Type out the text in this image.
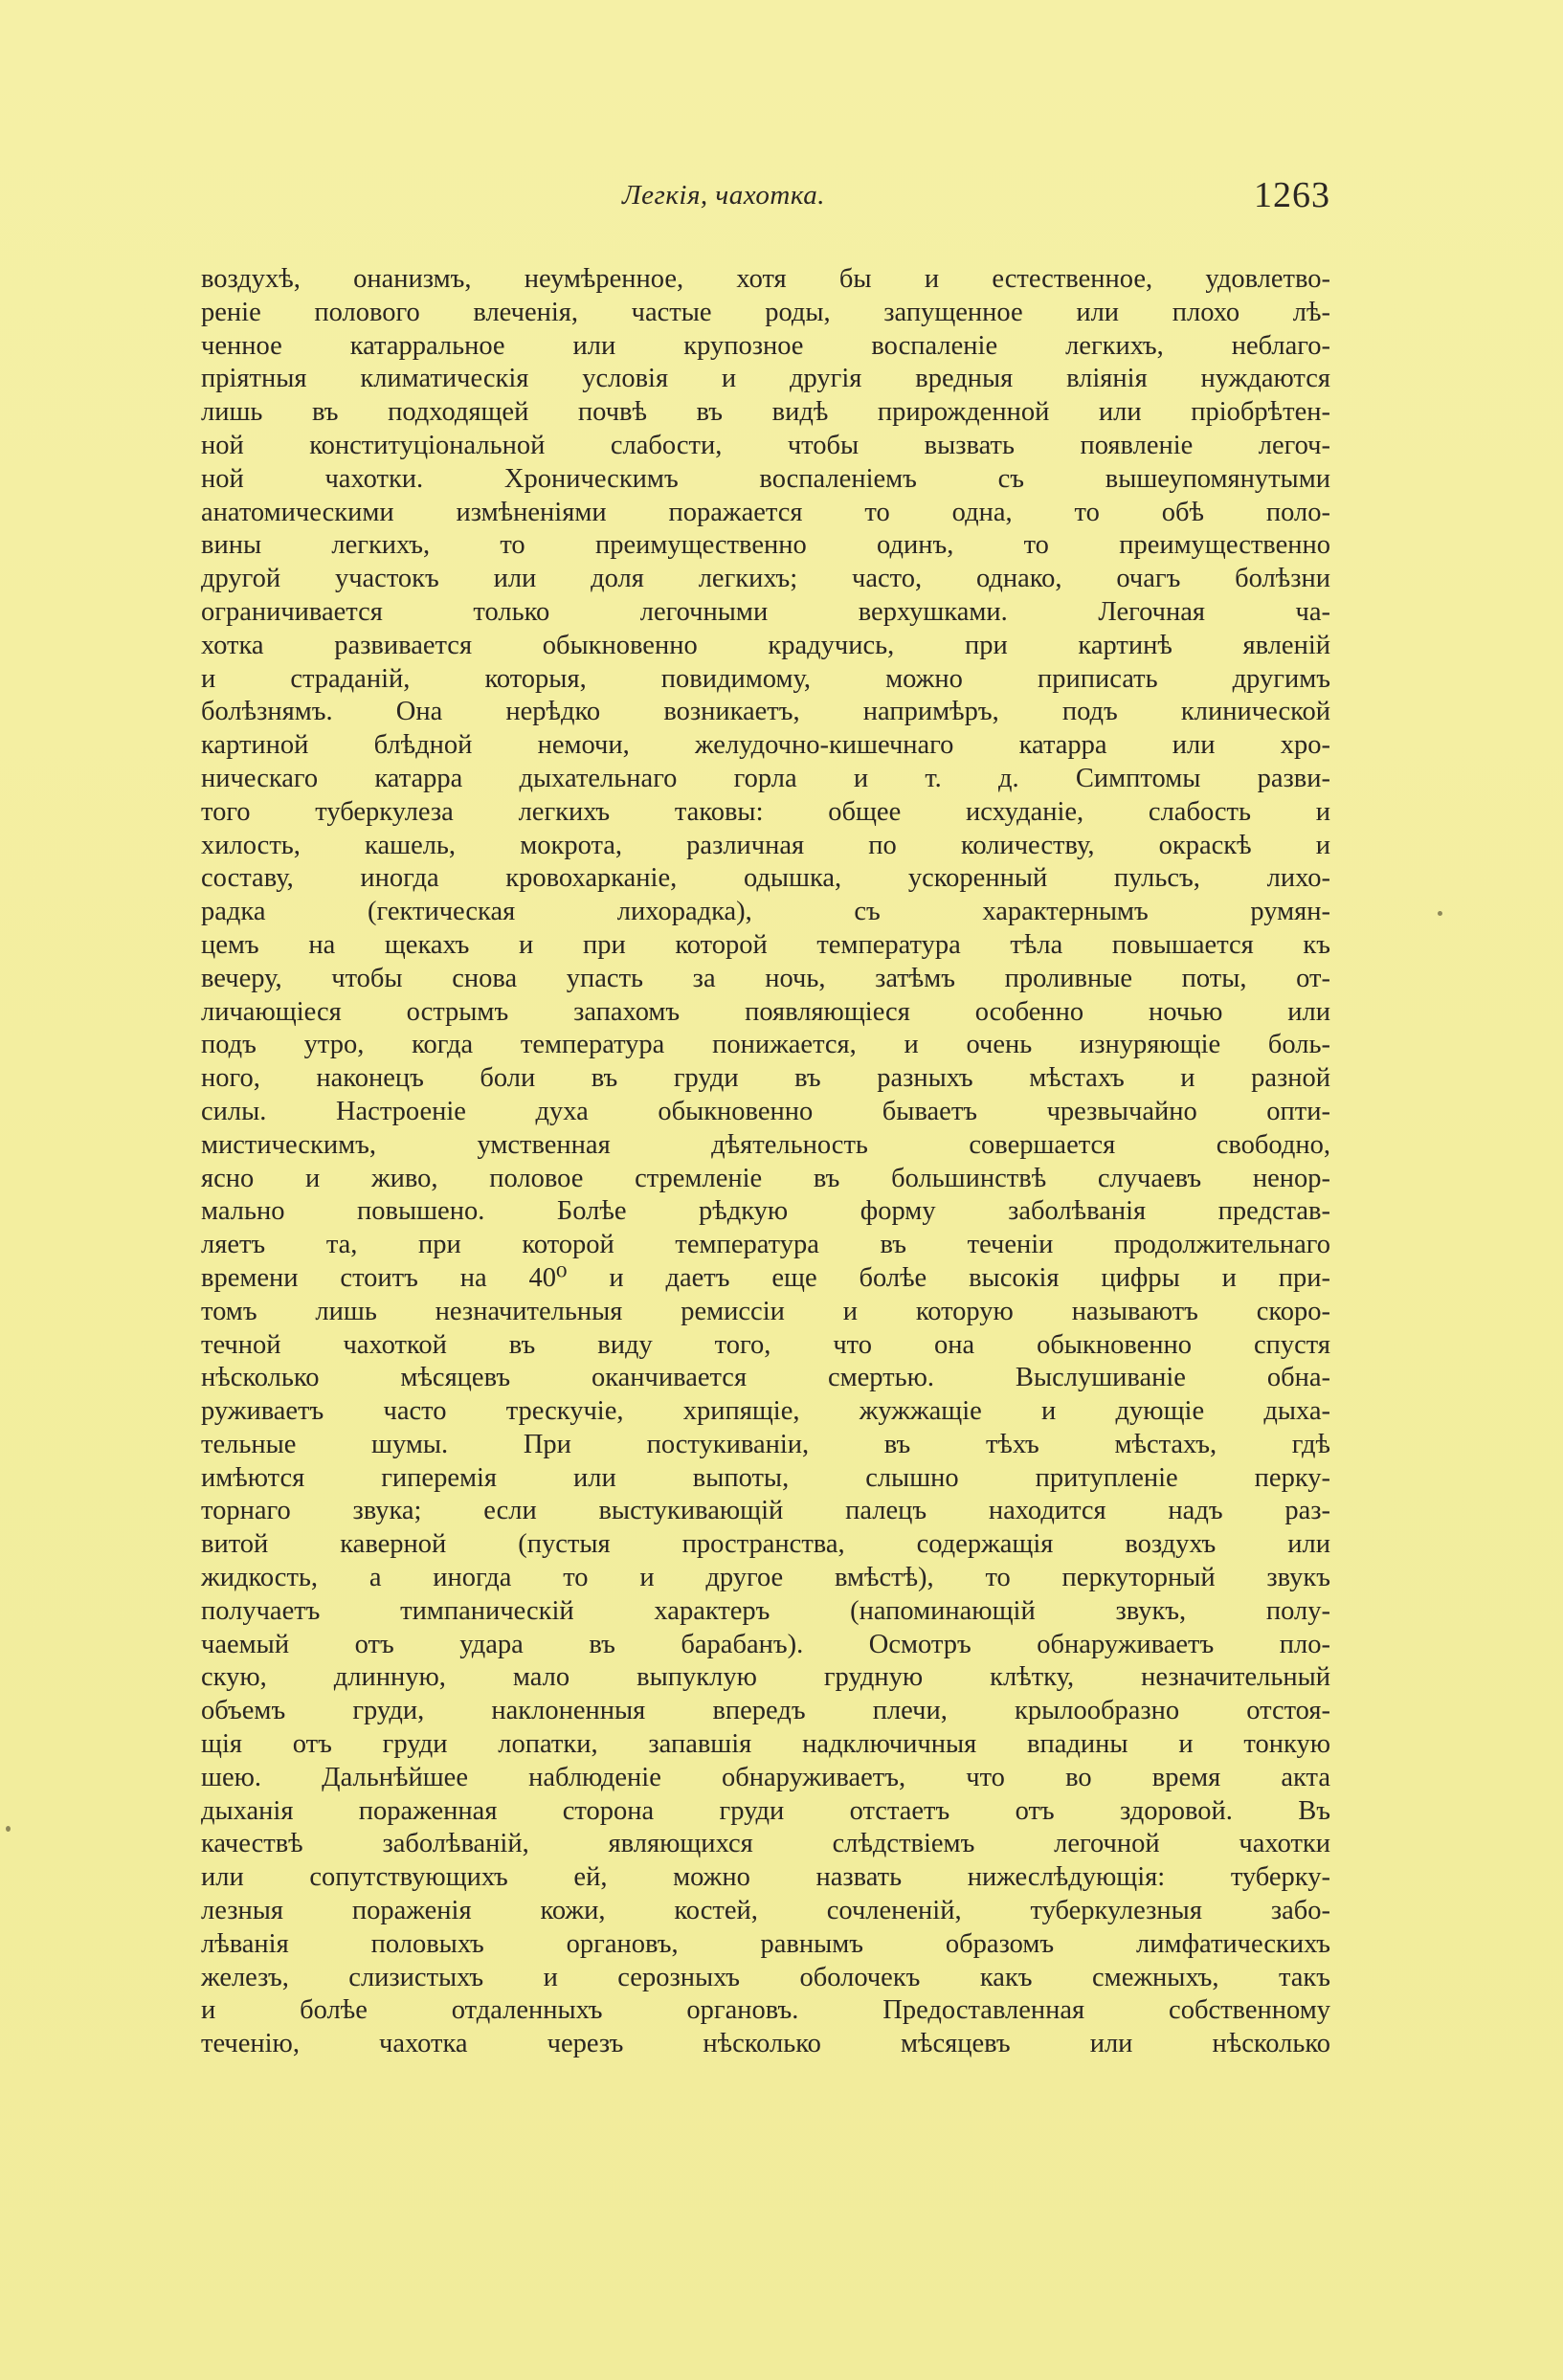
Легкія, чахотка.	1263
воздухѣ, онанизмъ, неумѣренное, хотя бы и естественное, удовлетво-
реніе полового влеченія, частые роды, запущенное или плохо лѣ-
ченное катарральное или крупозное воспаленіе легкихъ, неблаго-
пріятныя климатическія условія и другія вредныя вліянія нуждаются
лишь въ подходящей почвѣ въ видѣ прирожденной или пріобрѣтен-
ной конституціональной слабости, чтобы вызвать появленіе легоч-
ной чахотки. Хроническимъ воспаленіемъ съ вышеупомянутыми
анатомическими измѣненіями поражается то одна, то обѣ поло-
вины легкихъ, то преимущественно одинъ, то преимущественно
другой участокъ или доля легкихъ; часто, однако, очагъ болѣзни
ограничивается только легочными верхушками. Легочная ча-
хотка развивается обыкновенно крадучись, при картинѣ явленій
и страданій, которыя, повидимому, можно приписать другимъ
болѣзнямъ. Она нерѣдко возникаетъ, напримѣръ, подъ клинической
картиной блѣдной немочи, желудочно-кишечнаго катарра или хро-
ническаго катарра дыхательнаго горла и т. д. Симптомы разви-
того туберкулеза легкихъ таковы: общее исхуданіе, слабость и
хилость, кашель, мокрота, различная по количеству, окраскѣ и
составу, иногда кровохарканіе, одышка, ускоренный пульсъ, лихо-
радка (гектическая лихорадка), съ характернымъ румян-
цемъ на щекахъ и при которой температура тѣла повышается къ
вечеру, чтобы снова упасть за ночь, затѣмъ проливные поты, от-
личающіеся острымъ запахомъ появляющіеся особенно ночью или
подъ утро, когда температура понижается, и очень изнуряющіе боль-
ного, наконецъ боли въ груди въ разныхъ мѣстахъ и разной
силы. Настроеніе духа обыкновенно бываетъ чрезвычайно опти-
мистическимъ, умственная дѣятельность совершается свободно,
ясно и живо, половое стремленіе въ большинствѣ случаевъ ненор-
мально повышено. Болѣе рѣдкую форму заболѣванія представ-
ляетъ та, при которой температура въ теченіи продолжительнаго
времени стоитъ на 40⁰ и даетъ еще болѣе высокія цифры и при-
томъ лишь незначительныя ремиссіи и которую называютъ скоро-
течной чахоткой въ виду того, что она обыкновенно спустя
нѣсколько мѣсяцевъ оканчивается смертью. Выслушиваніе обна-
руживаетъ часто трескучіе, хрипящіе, жужжащіе и дующіе дыха-
тельные шумы. При постукиваніи, въ тѣхъ мѣстахъ, гдѣ
имѣются гиперемія или выпоты, слышно притупленіе перку-
торнаго звука; если выстукивающій палецъ находится надъ раз-
витой каверной (пустыя пространства, содержащія воздухъ или
жидкость, а иногда то и другое вмѣстѣ), то перкуторный звукъ
получаетъ тимпаническій характеръ (напоминающій звукъ, полу-
чаемый отъ удара въ барабанъ). Осмотръ обнаруживаетъ пло-
скую, длинную, мало выпуклую грудную клѣтку, незначительный
объемъ груди, наклоненныя впередъ плечи, крылообразно отстоя-
щія отъ груди лопатки, запавшія надключичныя впадины и тонкую
шею. Дальнѣйшее наблюденіе обнаруживаетъ, что во время акта
дыханія пораженная сторона груди отстаетъ отъ здоровой. Въ
качествѣ заболѣваній, являющихся слѣдствіемъ легочной чахотки
или сопутствующихъ ей, можно назвать нижеслѣдующія: туберку-
лезныя пораженія кожи, костей, сочлененій, туберкулезныя забо-
лѣванія половыхъ органовъ, равнымъ образомъ лимфатическихъ
железъ, слизистыхъ и серозныхъ оболочекъ какъ смежныхъ, такъ
и болѣе отдаленныхъ органовъ. Предоставленная собственному
теченію, чахотка черезъ нѣсколько мѣсяцевъ или нѣсколько
